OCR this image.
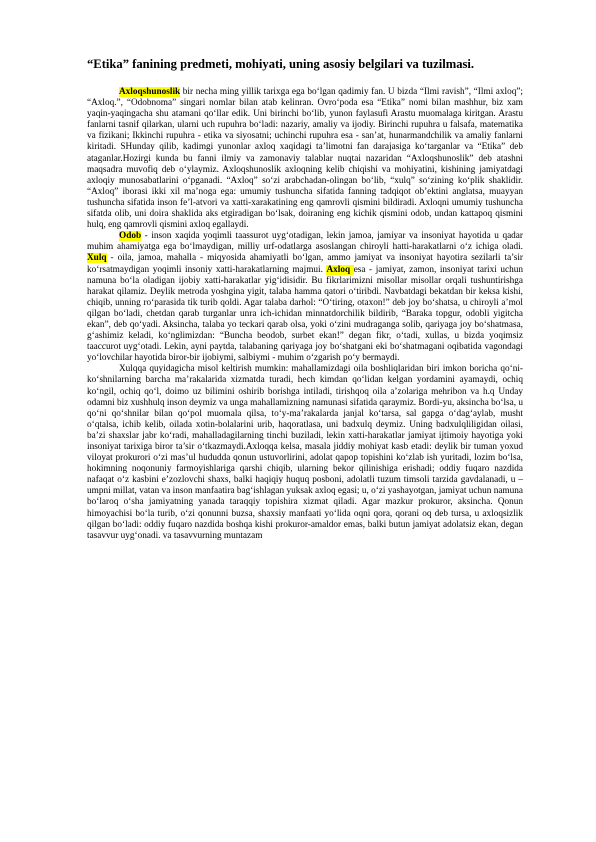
“Etika” fanining predmeti, mohiyati, uning asosiy belgilari va tuzilmasi.

Axloqshunoslik bir necha ming yillik tarixga ega bo‘lgan qadimiy fan. U bizda “Ilmi ravish”, “Ilmi axloq”; “Axloq.”, “Odobnoma” singari nomlar bilan atab kelinran. Ovro‘poda esa “Etika” nomi bilan mashhur, biz xam yaqin-yaqingacha shu atamani qo‘llar edik. Uni birinchi bo‘lib, yunon faylasufi Arastu muomalaga kiritgan. Arastu fanlarni tasnif qilarkan, ularni uch rupuhra bo‘ladi: nazariy, amaliy va ijodiy. Birinchi rupuhra u falsafa, matematika va fizikani; Ikkinchi rupuhra - etika va siyosatni; uchinchi rupuhra esa - san’at, hunarmandchilik va amaliy fanlarni kiritadi. SHunday qilib, kadimgi yunonlar axloq xaqidagi ta’limotni fan darajasiga ko‘targanlar va “Etika” deb ataganlar.Hozirgi kunda bu fanni ilmiy va zamonaviy talablar nuqtai nazaridan “Axloqshunoslik” deb atashni maqsadra muvofiq deb o‘ylaymiz. Axloqshunoslik axloqning kelib chiqishi va mohiyatini, kishining jamiyatdagi axloqiy munosabatlarini o‘pganadi. “Axloq” so‘zi arabchadan-olingan bo‘lib, “xulq” so‘zining ko‘plik shaklidir. “Axloq” iborasi ikki xil ma’noga ega: umumiy tushuncha sifatida fanning tadqiqot ob’ektini anglatsa, muayyan tushuncha sifatida inson fe’l-atvori va xatti-xarakatining eng qamrovli qismini bildiradi. Axloqni umumiy tushuncha sifatda olib, uni doira shaklida aks etgiradigan bo‘lsak, doiraning eng kichik qismini odob, undan kattapoq qismini hulq, eng qamrovli qismini axloq egallaydi.

Odob - inson xaqida yoqimli taassurot uyg‘otadigan, lekin jamoa, jamiyar va insoniyat hayotida u qadar muhim ahamiyatga ega bo‘lmaydigan, milliy urf-odatlarga asoslangan chiroyli hatti-harakatlarni o‘z ichiga oladi. Xulq - oila, jamoa, mahalla - miqyosida ahamiyatli bo‘lgan, ammo jamiyat va insoniyat hayotira sezilarli ta’sir ko‘rsatmaydigan yoqimli insoniy xatti-harakatlarning majmui. Axloq esa - jamiyat, zamon, insoniyat tarixi uchun namuna bo‘la oladigan ijobiy xatti-harakatlar yig‘idisidir. Bu fikrlarimizni misollar misollar orqali tushuntirishga harakat qilamiz. Deylik metroda yoshgina yigit, talaba hamma qatori o‘tiribdi. Navbatdagi bekatdan bir keksa kishi, chiqib, unning ro‘parasida tik turib qoldi. Agar talaba darhol: “O‘tiring, otaxon!” deb joy bo‘shatsa, u chiroyli a’mol qilgan bo‘ladi, chetdan qarab turganlar unra ich-ichidan minnatdorchilik bildirib, “Baraka topgur, odobli yigitcha ekan”, deb qo‘yadi. Aksincha, talaba yo teckari qarab olsa, yoki o‘zini mudraganga solib, qariyaga joy bo‘shatmasa, g‘ashimiz keladi, ko‘nglimizdan: “Buncha beodob, surbet ekan!” degan fikr, o‘tadi, xullas, u bizda yoqimsiz taaccurot uyg‘otadi. Lekin, ayni paytda, talabaning qariyaga joy bo‘shatgani eki bo‘shatmagani oqibatida vagondagi yo‘lovchilar hayotida biror-bir ijobiymi, salbiymi - muhim o‘zgarish po‘y bermaydi.

Xulqqa quyidagicha misol keltirish mumkin: mahallamizdagi oila boshliqlaridan biri imkon boricha qo‘ni-ko‘shnilarning barcha ma’rakalarida xizmatda turadi, hech kimdan qo‘lidan kelgan yordamini ayamaydi, ochiq ko‘ngil, ochiq qo‘l, doimo uz bilimini oshirib borishga intiladi, tirishqoq oila a’zolariga mehribon va h.q Unday odamni biz xushhulq inson deymiz va unga mahallamizning namunasi sifatida qaraymiz. Bordi-yu, aksincha bo‘lsa, u qo‘ni qo‘shnilar bilan qo‘pol muomala qilsa, to‘y-ma’rakalarda janjal ko‘tarsa, sal gapga o‘dag‘aylab, musht o‘qtalsa, ichib kelib, oilada xotin-bolalarini urib, haqoratlasa, uni badxulq deymiz. Uning badxulqliligidan oilasi, ba’zi shaxslar jabr ko‘radi, mahalladagilarning tinchi buziladi, lekin xatti-harakatlar jamiyat ijtimoiy hayotiga yoki insoniyat tarixiga biror ta’sir o‘tkazmaydi.Axloqqa kelsa, masala jiddiy mohiyat kasb etadi: deylik bir tuman yoxud viloyat prokurori o‘zi mas’ul hududda qonun ustuvorlirini, adolat qapop topishini ko‘zlab ish yuritadi, lozim bo‘lsa, hokimning noqonuniy farmoyishlariga qarshi chiqib, ularning bekor qilinishiga erishadi; oddiy fuqaro nazdida nafaqat o‘z kasbini e’zozlovchi shaxs, balki haqiqiy huquq posboni, adolatli tuzum timsoli tarzida gavdalanadi, u – umpni millat, vatan va inson manfaatira bag‘ishlagan yuksak axloq egasi; u, o‘zi yashayotgan, jamiyat uchun namuna bo‘laroq o‘sha jamiyatning yanada taraqqiy topishira xizmat qiladi. Agar mazkur prokuror, aksincha. Qonun himoyachisi bo‘la turib, o‘zi qonunni buzsa, shaxsiy manfaati yo‘lida oqni qora, qorani oq deb tursa, u axloqsizlik qilgan bo‘ladi: oddiy fuqaro nazdida boshqa kishi prokuror-amaldor emas, balki butun jamiyat adolatsiz ekan, degan tasavvur uyg‘onadi. va tasavvurning muntazam
